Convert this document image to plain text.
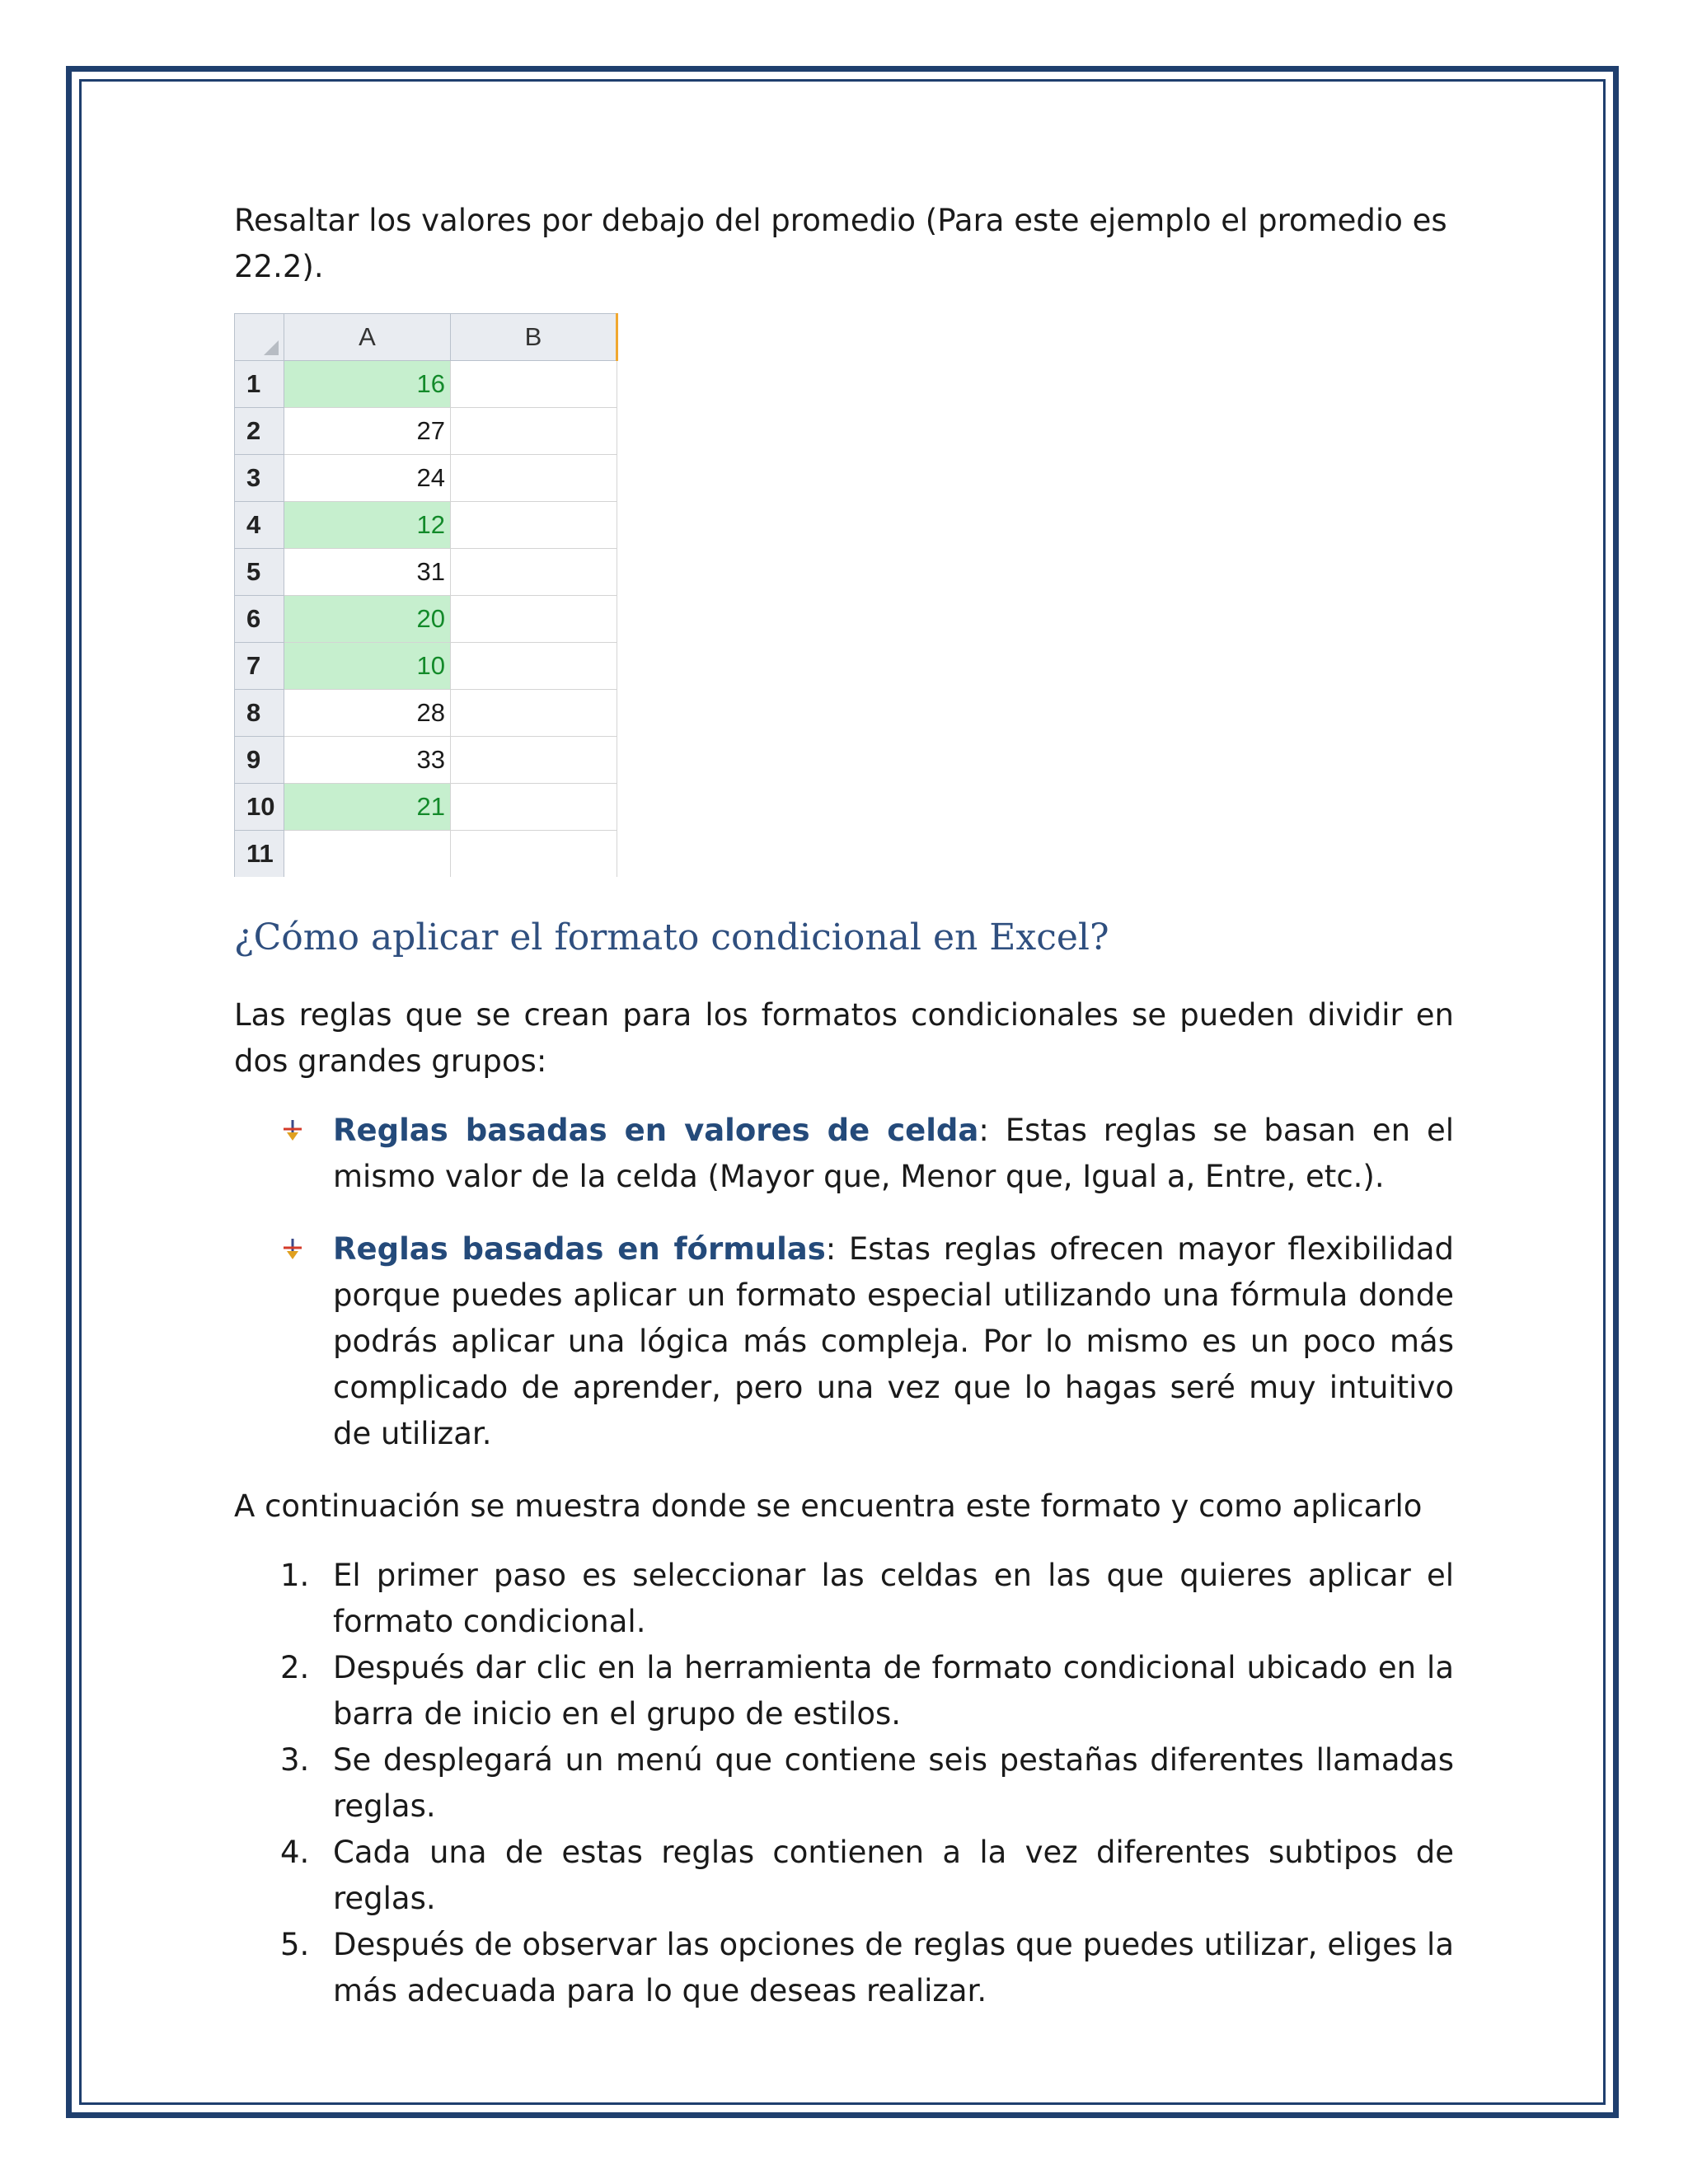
Resaltar los valores por debajo del promedio (Para este ejemplo el promedio es 22.2).

	A	B
1	16	
2	27	
3	24	
4	12	
5	31	
6	20	
7	10	
8	28	
9	33	
10	21	
11		
¿Cómo aplicar el formato condicional en Excel?

Las reglas que se crean para los formatos condicionales se pueden dividir en dos grandes grupos:

Reglas basadas en valores de celda: Estas reglas se basan en el mismo valor de la celda (Mayor que, Menor que, Igual a, Entre, etc.).
Reglas basadas en fórmulas: Estas reglas ofrecen mayor flexibilidad porque puedes aplicar un formato especial utilizando una fórmula donde podrás aplicar una lógica más compleja. Por lo mismo es un poco más complicado de aprender, pero una vez que lo hagas seré muy intuitivo de utilizar.

A continuación se muestra donde se encuentra este formato y como aplicarlo

1. El primer paso es seleccionar las celdas en las que quieres aplicar el formato condicional.
2. Después dar clic en la herramienta de formato condicional ubicado en la barra de inicio en el grupo de estilos.
3. Se desplegará un menú que contiene seis pestañas diferentes llamadas reglas.
4. Cada una de estas reglas contienen a la vez diferentes subtipos de reglas.
5. Después de observar las opciones de reglas que puedes utilizar, eliges la más adecuada para lo que deseas realizar.
